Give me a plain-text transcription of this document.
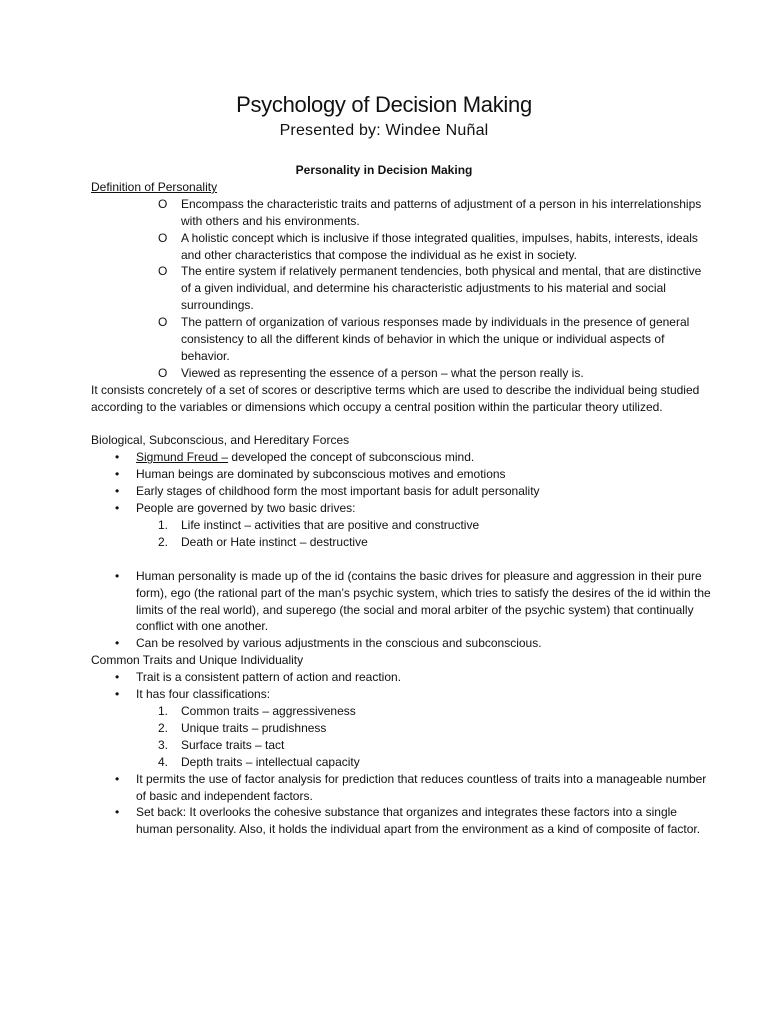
Psychology of Decision Making
Presented by: Windee Nuñal

Personality in Decision Making

Definition of Personality

O Encompass the characteristic traits and patterns of adjustment of a person in his interrelationships with others and his environments.
O A holistic concept which is inclusive if those integrated qualities, impulses, habits, interests, ideals and other characteristics that compose the individual as he exist in society.
O The entire system if relatively permanent tendencies, both physical and mental, that are distinctive of a given individual, and determine his characteristic adjustments to his material and social surroundings.
O The pattern of organization of various responses made by individuals in the presence of general consistency to all the different kinds of behavior in which the unique or individual aspects of behavior.
O Viewed as representing the essence of a person – what the person really is.

It consists concretely of a set of scores or descriptive terms which are used to describe the individual being studied according to the variables or dimensions which occupy a central position within the particular theory utilized.

Biological, Subconscious, and Hereditary Forces

• Sigmund Freud – developed the concept of subconscious mind.
• Human beings are dominated by subconscious motives and emotions
• Early stages of childhood form the most important basis for adult personality
• People are governed by two basic drives:
1. Life instinct – activities that are positive and constructive
2. Death or Hate instinct – destructive
• Human personality is made up of the id (contains the basic drives for pleasure and aggression in their pure form), ego (the rational part of the man’s psychic system, which tries to satisfy the desires of the id within the limits of the real world), and superego (the social and moral arbiter of the psychic system) that continually conflict with one another.
• Can be resolved by various adjustments in the conscious and subconscious.

Common Traits and Unique Individuality

• Trait is a consistent pattern of action and reaction.
• It has four classifications:
1. Common traits – aggressiveness
2. Unique traits – prudishness
3. Surface traits – tact
4. Depth traits – intellectual capacity
• It permits the use of factor analysis for prediction that reduces countless of traits into a manageable number of basic and independent factors.
• Set back: It overlooks the cohesive substance that organizes and integrates these factors into a single human personality. Also, it holds the individual apart from the environment as a kind of composite of factor.
